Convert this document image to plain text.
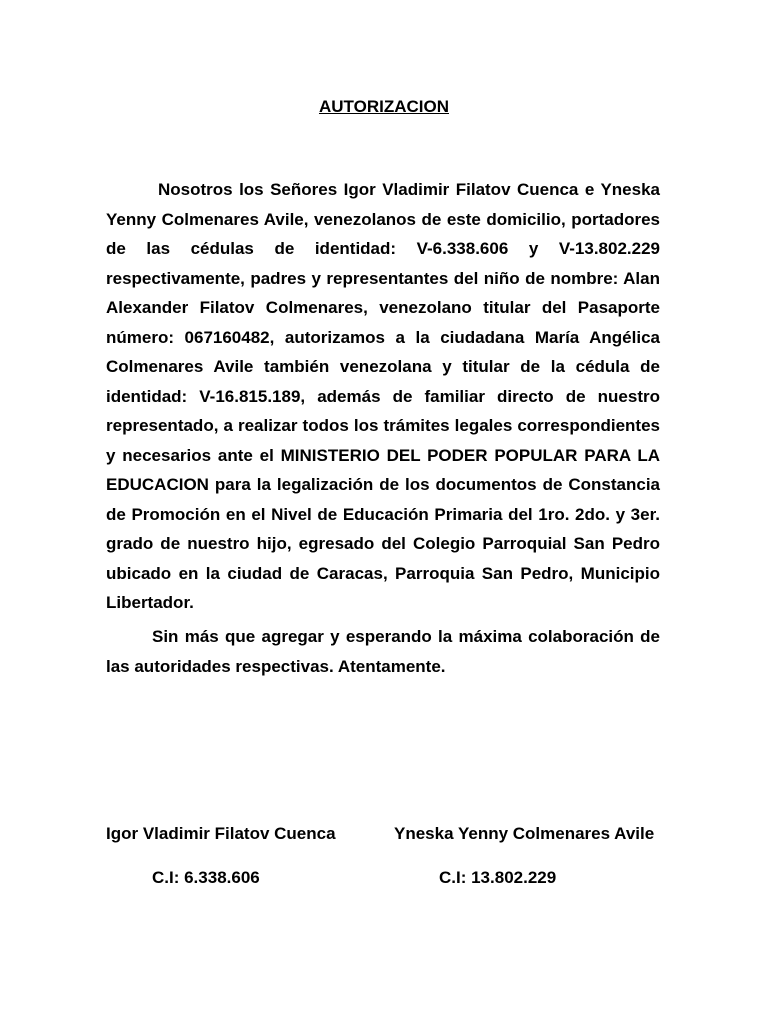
AUTORIZACION

Nosotros los Señores Igor Vladimir Filatov Cuenca e Yneska Yenny Colmenares Avile, venezolanos de este domicilio, portadores de las cédulas de identidad: V-6.338.606 y V-13.802.229 respectivamente, padres y representantes del niño de nombre: Alan Alexander Filatov Colmenares, venezolano titular del Pasaporte número: 067160482, autorizamos a la ciudadana María Angélica Colmenares Avile también venezolana y titular de la cédula de identidad: V-16.815.189, además de familiar directo de nuestro representado, a realizar todos los trámites legales correspondientes y necesarios ante el MINISTERIO DEL PODER POPULAR PARA LA EDUCACION para la legalización de los documentos de Constancia de Promoción en el Nivel de Educación Primaria del 1ro. 2do. y 3er. grado de nuestro hijo, egresado del Colegio Parroquial San Pedro ubicado en la ciudad de Caracas, Parroquia San Pedro, Municipio Libertador.

Sin más que agregar y esperando la máxima colaboración de las autoridades respectivas. Atentamente.

Igor Vladimir Filatov Cuenca	Yneska Yenny Colmenares Avile
C.I: 6.338.606	C.I: 13.802.229
